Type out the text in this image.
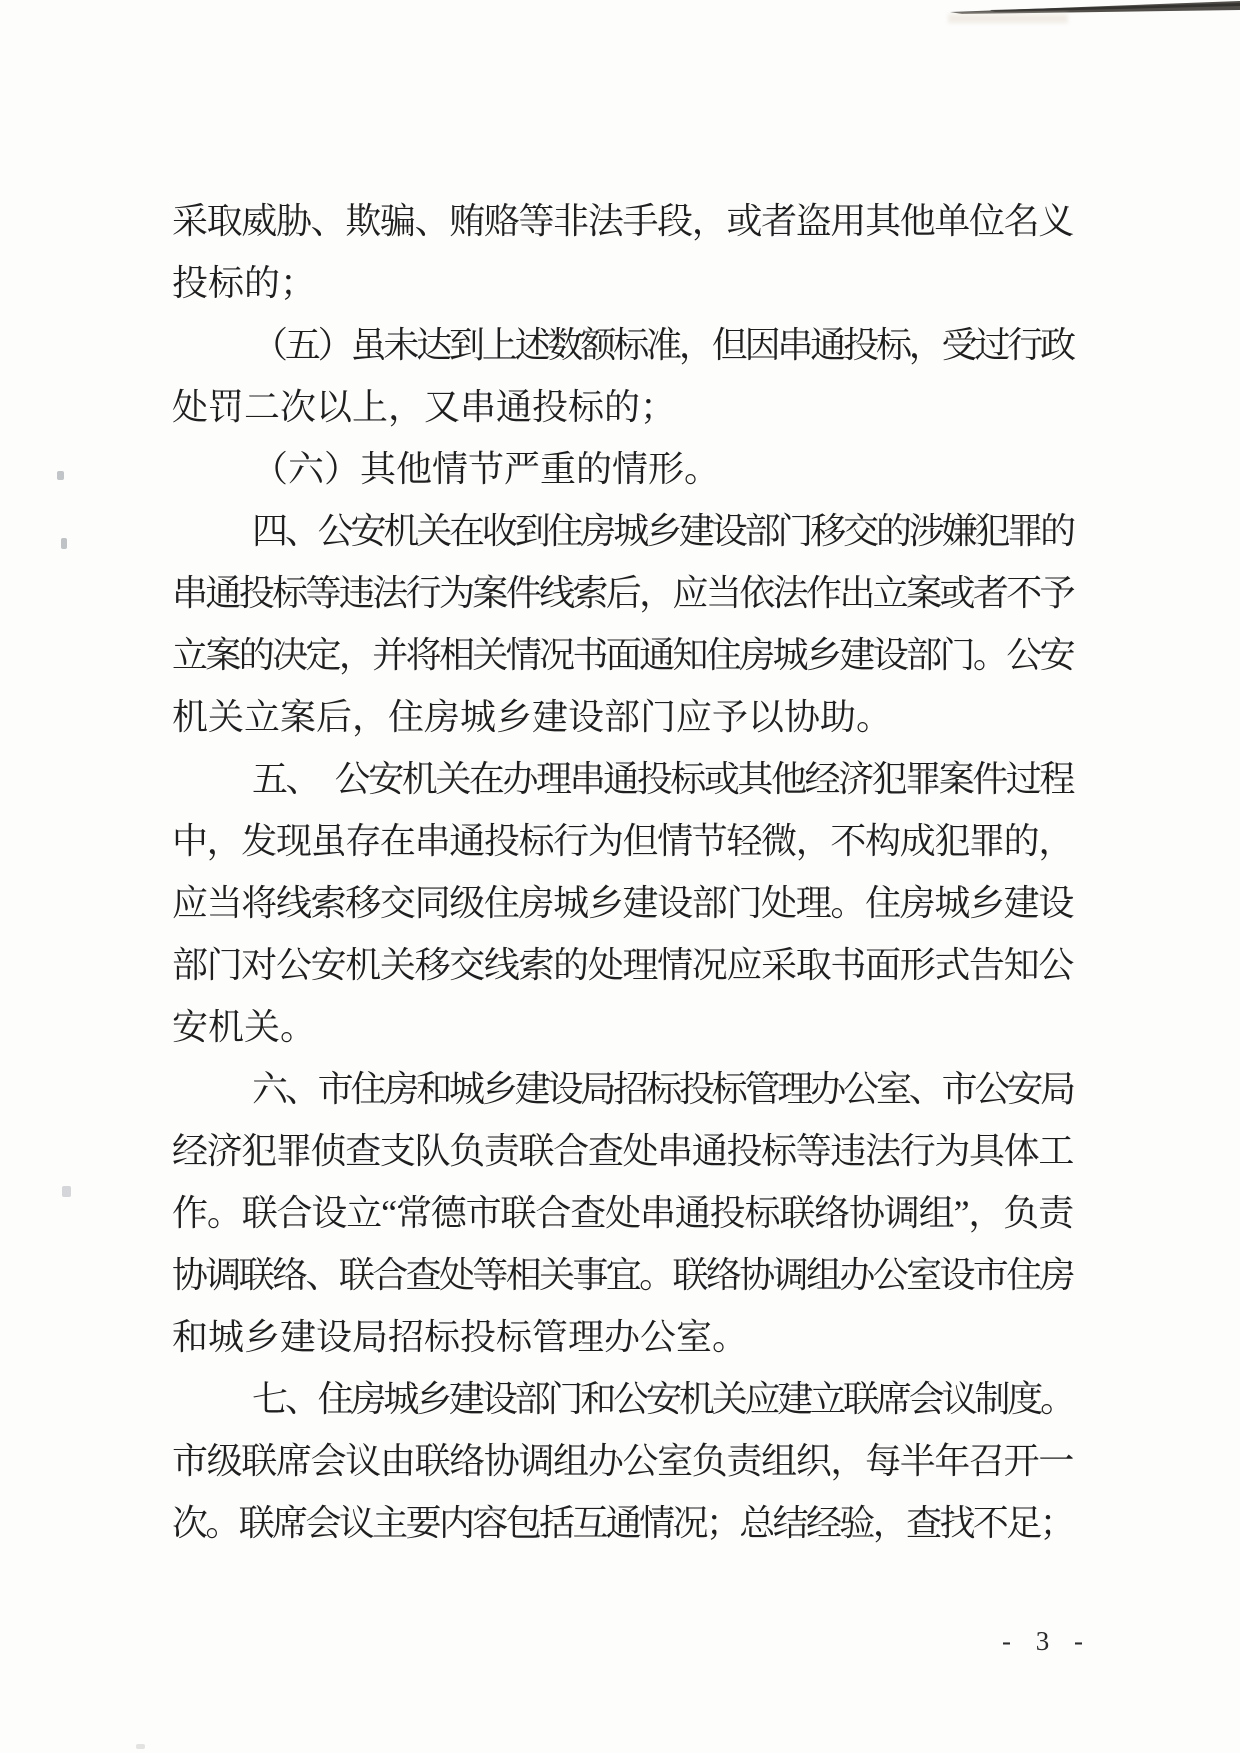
采取威胁、欺骗、贿赂等非法手段，或者盗用其他单位名义
投标的；
（五）虽未达到上述数额标准，但因串通投标，受过行政
处罚二次以上，又串通投标的；
（六）其他情节严重的情形。
四、公安机关在收到住房城乡建设部门移交的涉嫌犯罪的
串通投标等违法行为案件线索后，应当依法作出立案或者不予
立案的决定，并将相关情况书面通知住房城乡建设部门。公安
机关立案后，住房城乡建设部门应予以协助。
五、　公安机关在办理串通投标或其他经济犯罪案件过程
中，发现虽存在串通投标行为但情节轻微，不构成犯罪的，
应当将线索移交同级住房城乡建设部门处理。住房城乡建设
部门对公安机关移交线索的处理情况应采取书面形式告知公
安机关。
六、市住房和城乡建设局招标投标管理办公室、市公安局
经济犯罪侦查支队负责联合查处串通投标等违法行为具体工
作。联合设立“常德市联合查处串通投标联络协调组”，负责
协调联络、联合查处等相关事宜。联络协调组办公室设市住房
和城乡建设局招标投标管理办公室。
七、住房城乡建设部门和公安机关应建立联席会议制度。
市级联席会议由联络协调组办公室负责组织，每半年召开一
次。联席会议主要内容包括互通情况；总结经验，查找不足；
- 3 -
